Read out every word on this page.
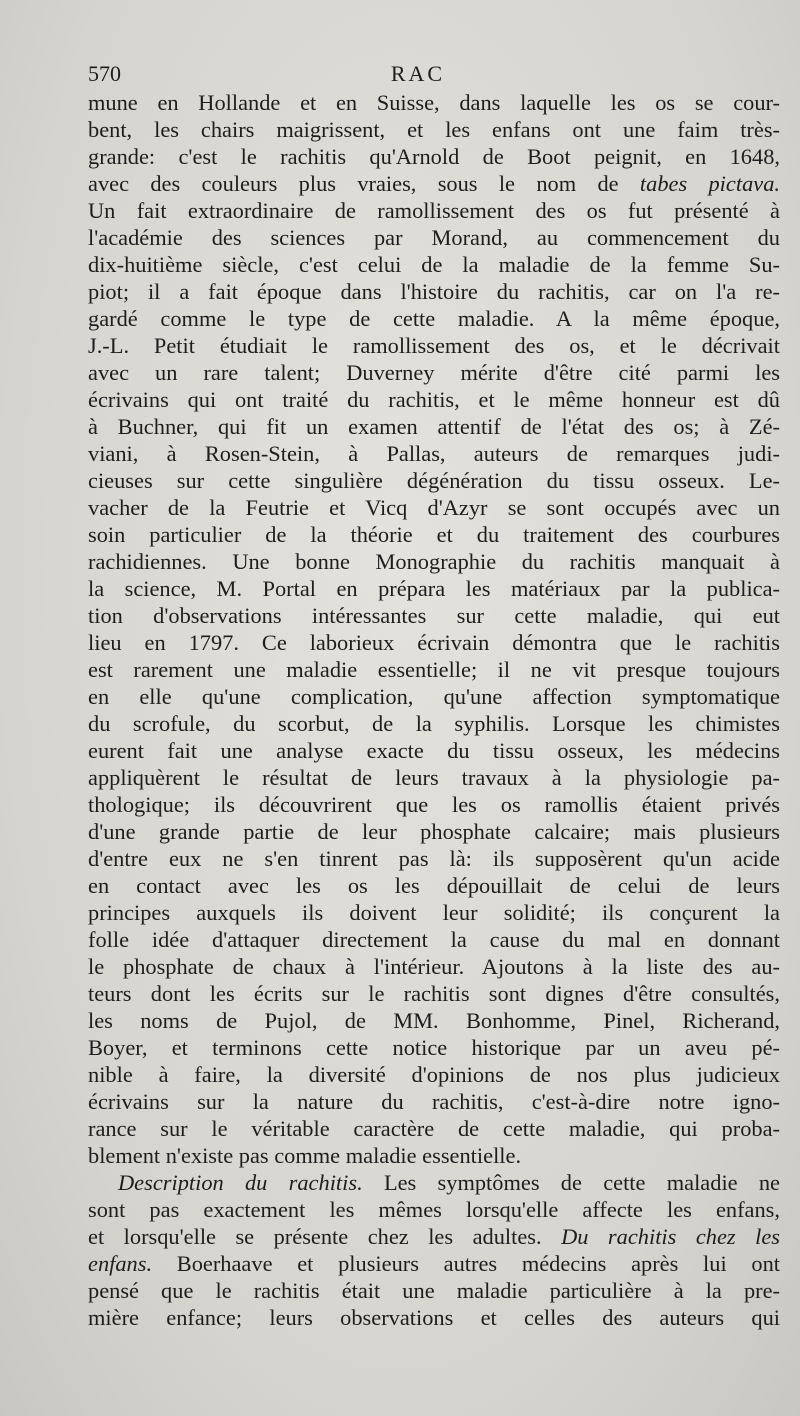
570	RAC
mune en Hollande et en Suisse, dans laquelle les os se cour-
bent, les chairs maigrissent, et les enfans ont une faim très-
grande: c'est le rachitis qu'Arnold de Boot peignit, en 1648,
avec des couleurs plus vraies, sous le nom de tabes pictava.
Un fait extraordinaire de ramollissement des os fut présenté à
l'académie des sciences par Morand, au commencement du
dix-huitième siècle, c'est celui de la maladie de la femme Su-
piot; il a fait époque dans l'histoire du rachitis, car on l'a re-
gardé comme le type de cette maladie. A la même époque,
J.-L. Petit étudiait le ramollissement des os, et le décrivait
avec un rare talent; Duverney mérite d'être cité parmi les
écrivains qui ont traité du rachitis, et le même honneur est dû
à Buchner, qui fit un examen attentif de l'état des os; à Zé-
viani, à Rosen-Stein, à Pallas, auteurs de remarques judi-
cieuses sur cette singulière dégénération du tissu osseux. Le-
vacher de la Feutrie et Vicq d'Azyr se sont occupés avec un
soin particulier de la théorie et du traitement des courbures
rachidiennes. Une bonne Monographie du rachitis manquait à
la science, M. Portal en prépara les matériaux par la publica-
tion d'observations intéressantes sur cette maladie, qui eut
lieu en 1797. Ce laborieux écrivain démontra que le rachitis
est rarement une maladie essentielle; il ne vit presque toujours
en elle qu'une complication, qu'une affection symptomatique
du scrofule, du scorbut, de la syphilis. Lorsque les chimistes
eurent fait une analyse exacte du tissu osseux, les médecins
appliquèrent le résultat de leurs travaux à la physiologie pa-
thologique; ils découvrirent que les os ramollis étaient privés
d'une grande partie de leur phosphate calcaire; mais plusieurs
d'entre eux ne s'en tinrent pas là: ils supposèrent qu'un acide
en contact avec les os les dépouillait de celui de leurs
principes auxquels ils doivent leur solidité; ils conçurent la
folle idée d'attaquer directement la cause du mal en donnant
le phosphate de chaux à l'intérieur. Ajoutons à la liste des au-
teurs dont les écrits sur le rachitis sont dignes d'être consultés,
les noms de Pujol, de MM. Bonhomme, Pinel, Richerand,
Boyer, et terminons cette notice historique par un aveu pé-
nible à faire, la diversité d'opinions de nos plus judicieux
écrivains sur la nature du rachitis, c'est-à-dire notre igno-
rance sur le véritable caractère de cette maladie, qui proba-
blement n'existe pas comme maladie essentielle.
Description du rachitis. Les symptômes de cette maladie ne
sont pas exactement les mêmes lorsqu'elle affecte les enfans,
et lorsqu'elle se présente chez les adultes. Du rachitis chez les
enfans. Boerhaave et plusieurs autres médecins après lui ont
pensé que le rachitis était une maladie particulière à la pre-
mière enfance; leurs observations et celles des auteurs qui
